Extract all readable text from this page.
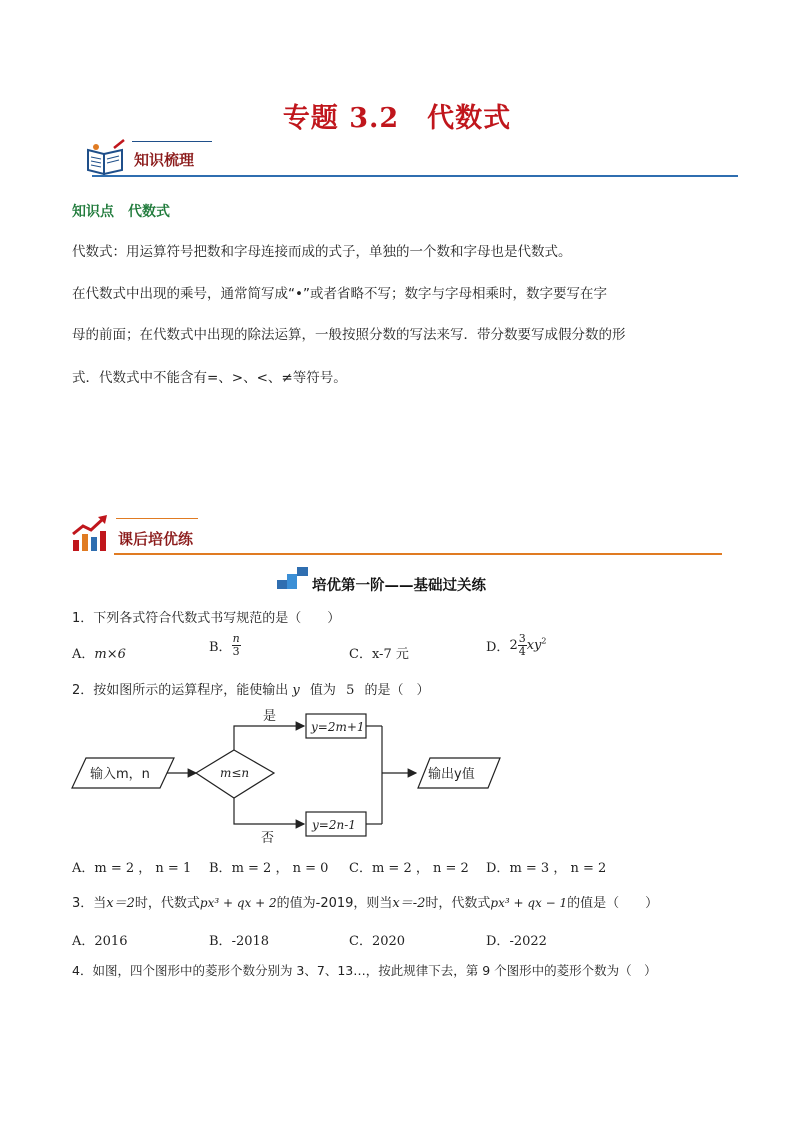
专题 3.2　代数式
知识梳理
知识点　代数式
代数式：用运算符号把数和字母连接而成的式子，单独的一个数和字母也是代数式。
在代数式中出现的乘号，通常简写成“•”或者省略不写；数字与字母相乘时，数字要写在字
母的前面；在代数式中出现的除法运算，一般按照分数的写法来写．带分数要写成假分数的形
式．代数式中不能含有=、>、<、≠等符号。
课后培优练
培优第一阶——基础过关练
1．下列各式符合代数式书写规范的是（　　）
A．m×6	B． $\frac{n}{3}$	C．x-7 元	D．$2 \frac{3}{4} xy^2$
2．按如图所示的运算程序，能使输出 y 值为 5 的是（　）
输入m，n	m≤n
是
y=2m+1
否
y=2n-1
输出y值
A．m = 2 ， n = 1 B．m = 2 ， n = 0 C．m = 2 ， n = 2 D．m = 3 ， n = 2
3．当x＝2时，代数式px³ + qx + 2的值为-2019，则当x＝-2时，代数式px³ + qx − 1的值是（　　）
A．2016	B．-2018	C．2020	D．-2022
4．如图，四个图形中的菱形个数分别为 3、7、13…，按此规律下去，第 9 个图形中的菱形个数为（　）
